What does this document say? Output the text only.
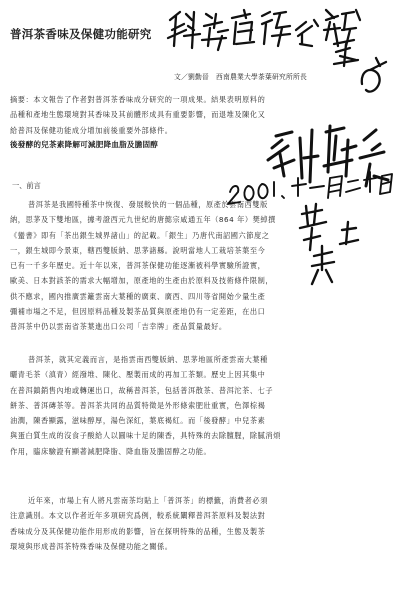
普洱茶香味及保健功能研究
文／劉勤晉　西南農業大學茶葉研究所所長
摘要：本文報告了作者對普洱茶香味成分研究的一項成果。結果表明原料的
品種和產地生態環境對其香味及其前體形成具有重要影響，而退堆及陳化又
給普洱及保健功能成分增加前後重要外部條件。
後發酵的兒茶素降解可減肥降血脂及膽固醇
一、前言
普洱茶是我國特種茶中恢復、發展較快的一個品種，原產於雲南西雙版
納，思茅及下雙地區，據考證西元九世紀的唐懿宗咸通五年（864 年）樊綽撰
《蠻書》即有「茶出銀生城界諸山」的記載。「銀生」乃唐代南詔國六節度之
一，銀生城即今景東，轄西雙版納、思茅諸縣。說明當地人工栽培茶葉至今
已有一千多年歷史。近十年以來，普洱茶保健功能逐漸被科學實驗所證實，
歐美、日本對該茶的需求大幅增加，原產地的生產由於原料及技術條件限制，
供不應求，國內推廣雲籬雲南大葉種的廣東、廣西、四川等省開始少量生產
彌補市場之不足，但因原料品種及製茶品質與原產地仍有一定差距，在出口
普洱茶中仍以雲南省茶葉進出口公司「吉幸牌」產品質量最好。
普洱茶，就其定義而言，是指雲南西雙版納、思茅地區所產雲南大葉種
曬青毛茶（滇青）經潑堆、陳化、壓製而成的再加工茶類。歷史上因其集中
在普洱鎮銷售內地或轉運出口，故稱普洱茶，包括普洱散茶、普洱沱茶、七子
餅茶、普洱磚茶等。普洱茶共同的品質特徵是外形條索肥壯重實，色澤棕褐
油潤，陳香顯露，滋味醇厚，湯色深紅，葉底褐紅。而「後發酵」中兒茶素
與蛋白質生成的沒食子酸給人以圓味十足的陳香，具特殊的去除膻腥，除膩消煩
作用，臨床驗證有顯著減肥降脂、降血脂及膽固醇之功能。
近年來，市場上有人將凡雲南茶均貼上「普洱茶」的標籤，消費者必須
注意識別。本文以作者近年多項研究爲例，較系統闡釋普洱茶原料及製法對
香味成分及其保健功能作用形成的影響，旨在探明特殊的品種，生態及製茶
環境與形成普洱茶特殊香味及保健功能之關係。
